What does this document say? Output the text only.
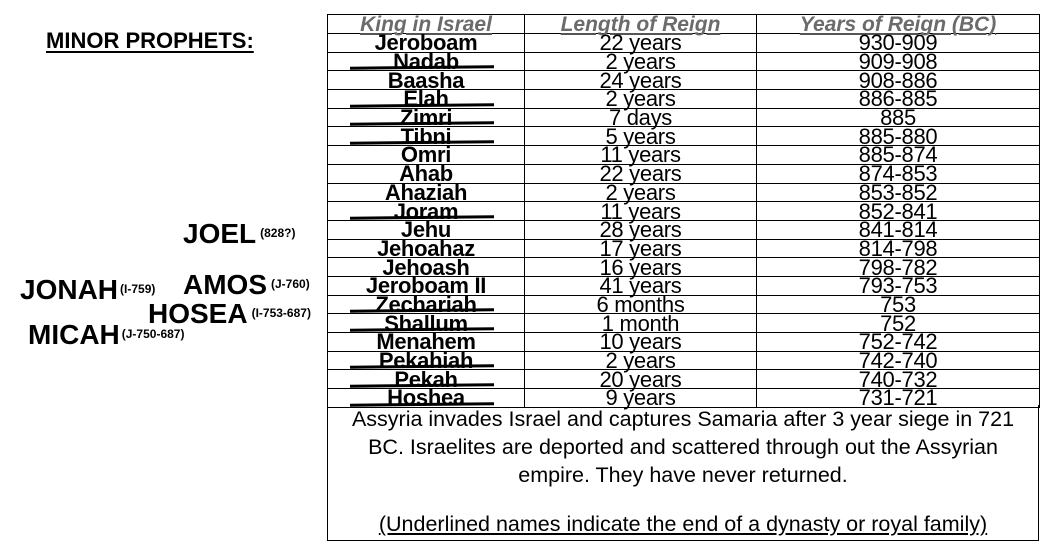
MINOR PROPHETS:
JOEL $^{(828?)}$
JONAH $^{(I-759)}$ AMOS $^{(J-760)}$
HOSEA $^{(I-753-687)}$
MICAH $^{(J-750-687)}$
King in Israel	Length of Reign	Years of Reign (BC)
Jeroboam	22 years	930-909
Nadab	2 years	909-908
Baasha	24 years	908-886
Elah	2 years	886-885
Zimri	7 days	885
Tibni	5 years	885-880
Omri	11 years	885-874
Ahab	22 years	874-853
Ahaziah	2 years	853-852
Joram	11 years	852-841
Jehu	28 years	841-814
Jehoahaz	17 years	814-798
Jehoash	16 years	798-782
Jeroboam II	41 years	793-753
Zechariah	6 months	753
Shallum	1 month	752
Menahem	10 years	752-742
Pekahiah	2 years	742-740
Pekah	20 years	740-732
Hoshea	9 years	731-721
Assyria invades Israel and captures Samaria after 3 year siege in 721 BC. Israelites are deported and scattered through out the Assyrian empire. They have never returned.
(Underlined names indicate the end of a dynasty or royal family)
